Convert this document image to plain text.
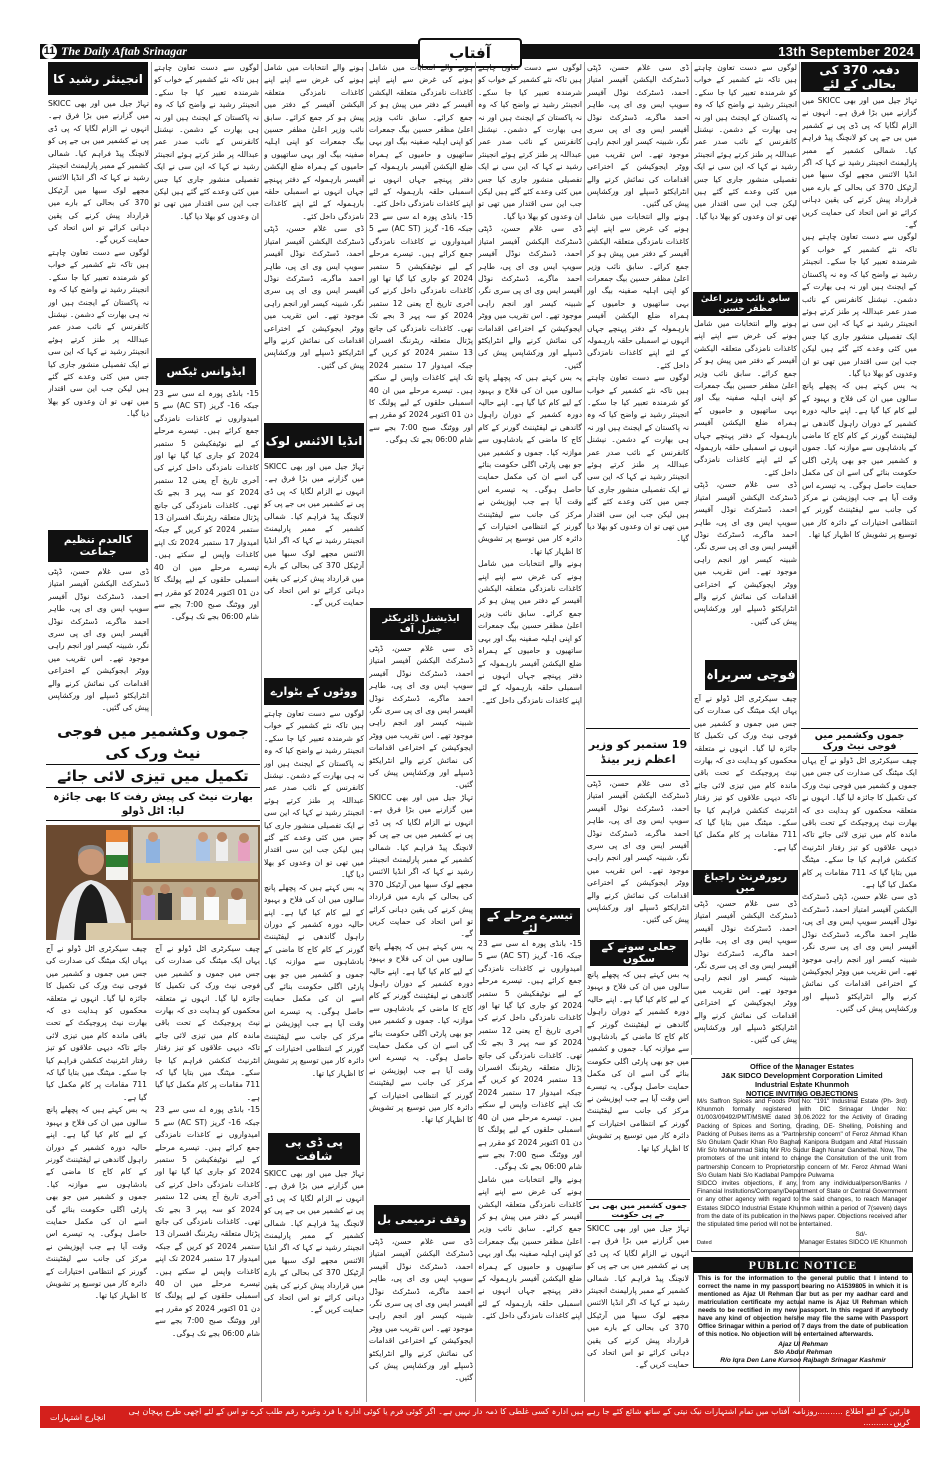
11 The Daily Aftab Srinagar	13th September 2024
آفتاب
دفعہ 370 کی بحالی کے لئے

تہاڑ جیل میں اور بھی SKICC میں گزارنے میں بڑا فرق ہے۔ انہوں نے الزام لگایا کہ پی ڈی پی نے کشمیر میں بی جے پی کو لانچنگ پیڈ فراہم کیا۔ شمالی کشمیر کے ممبر پارلیمنٹ انجینئر رشید نے کہا کہ اگر انڈیا الائنس مجھے لوک سبھا میں آرٹیکل 370 کی بحالی کے بارے میں قرارداد پیش کرنے کی یقین دہانی کرائے تو اس اتحاد کی حمایت کریں گے۔

لوگوں سے دست تعاون چاہتے ہیں تاکہ نئے کشمیر کے خواب کو شرمندہ تعبیر کیا جا سکے۔ انجینئر رشید نے واضح کیا کہ وہ نہ پاکستان کے ایجنٹ ہیں اور نہ ہی بھارت کے دشمن۔ نیشنل کانفرنس کے نائب صدر عمر عبداللہ پر طنز کرتے ہوئے انجینئر رشید نے کہا کہ این سی نے ایک تفصیلی منشور جاری کیا جس میں کئی وعدے کئے گئے ہیں لیکن جب این سی اقتدار میں تھی تو ان وعدوں کو بھلا دیا گیا۔

یہ بس کہتے ہیں کہ پچھلے پانچ سالوں میں ان کی فلاح و بہبود کے لیے کام کیا گیا ہے۔ اپنے حالیہ دورہ کشمیر کے دوران راہول گاندھی نے لیفٹیننٹ گورنر کے کام کاج کا ماضی کے بادشاہوں سے موازنہ کیا۔ جموں و کشمیر میں جو بھی پارٹی اگلی حکومت بنائے گی اسے ان کی مکمل حمایت حاصل ہوگی۔ یہ تیسرے اس وقت آیا ہے جب اپوزیشن نے مرکز کی جانب سے لیفٹیننٹ گورنر کے انتظامی اختیارات کے دائرہ کار میں توسیع پر تشویش کا اظہار کیا تھا۔

جموں وکشمیر میں فوجی نیٹ ورک

چیف سیکرٹری اٹل ڈولو نے آج یہاں ایک میٹنگ کی صدارت کی جس میں جموں و کشمیر میں فوجی نیٹ ورک کی تکمیل کا جائزہ لیا گیا۔ انہوں نے متعلقہ محکموں کو ہدایت دی کہ بھارت نیٹ پروجیکٹ کے تحت باقی ماندہ کام میں تیزی لائی جائے تاکہ دیہی علاقوں کو تیز رفتار انٹرنیٹ کنکشن فراہم کیا جا سکے۔ میٹنگ میں بتایا گیا کہ 711 مقامات پر کام مکمل کیا گیا ہے۔

ڈی سی غلام حسن، ڈپٹی ڈسٹرکٹ الیکشن آفیسر امتیاز احمد، ڈسٹرکٹ نوڈل آفیسر سویپ ایس وی ای پی، طاہر احمد ماگرے، ڈسٹرکٹ نوڈل آفیسر ایس وی ای پی سری نگر، شبینہ کیسر اور انجم راہی موجود تھے۔ اس تقریب میں ووٹر ایجوکیشن کے اختراعی اقدامات کی نمائش کرنے والے انٹرایکٹو ڈسپلے اور ورکشاپس پیش کی گئیں۔

لوگوں سے دست تعاون چاہتے ہیں تاکہ نئے کشمیر کے خواب کو شرمندہ تعبیر کیا جا سکے۔ انجینئر رشید نے واضح کیا کہ وہ نہ پاکستان کے ایجنٹ ہیں اور نہ ہی بھارت کے دشمن۔ نیشنل کانفرنس کے نائب صدر عمر عبداللہ پر طنز کرتے ہوئے انجینئر رشید نے کہا کہ این سی نے ایک تفصیلی منشور جاری کیا جس میں کئی وعدے کئے گئے ہیں لیکن جب این سی اقتدار میں تھی تو ان وعدوں کو بھلا دیا گیا۔

سابق نائب وزیر اعلیٰ مظفر حسین

ہونے والے انتخابات میں شامل ہونے کی غرض سے اپنے اپنے کاغذات نامزدگی متعلقہ الیکشن آفیسر کے دفتر میں پیش ہو کر جمع کرائے۔ سابق نائب وزیر اعلیٰ مظفر حسین بیگ جمعرات کو اپنی اہلیہ صفینہ بیگ اور بہی ساتھیوں و حامیوں کے ہمراہ ضلع الیکشن آفیسر بارہمولہ کے دفتر پہنچے جہاں انہوں نے اسمبلی حلقہ بارہمولہ کے لئے اپنے کاغذات نامزدگی داخل کئے۔

ڈی سی غلام حسن، ڈپٹی ڈسٹرکٹ الیکشن آفیسر امتیاز احمد، ڈسٹرکٹ نوڈل آفیسر سویپ ایس وی ای پی، طاہر احمد ماگرے، ڈسٹرکٹ نوڈل آفیسر ایس وی ای پی سری نگر، شبینہ کیسر اور انجم راہی موجود تھے۔ اس تقریب میں ووٹر ایجوکیشن کے اختراعی اقدامات کی نمائش کرنے والے انٹرایکٹو ڈسپلے اور ورکشاپس پیش کی گئیں۔

فوجی سربراہ

چیف سیکرٹری اٹل ڈولو نے آج یہاں ایک میٹنگ کی صدارت کی جس میں جموں و کشمیر میں فوجی نیٹ ورک کی تکمیل کا جائزہ لیا گیا۔ انہوں نے متعلقہ محکموں کو ہدایت دی کہ بھارت نیٹ پروجیکٹ کے تحت باقی ماندہ کام میں تیزی لائی جائے تاکہ دیہی علاقوں کو تیز رفتار انٹرنیٹ کنکشن فراہم کیا جا سکے۔ میٹنگ میں بتایا گیا کہ 711 مقامات پر کام مکمل کیا گیا ہے۔

ریورفرنٹ راجباغ میں

ڈی سی غلام حسن، ڈپٹی ڈسٹرکٹ الیکشن آفیسر امتیاز احمد، ڈسٹرکٹ نوڈل آفیسر سویپ ایس وی ای پی، طاہر احمد ماگرے، ڈسٹرکٹ نوڈل آفیسر ایس وی ای پی سری نگر، شبینہ کیسر اور انجم راہی موجود تھے۔ اس تقریب میں ووٹر ایجوکیشن کے اختراعی اقدامات کی نمائش کرنے والے انٹرایکٹو ڈسپلے اور ورکشاپس پیش کی گئیں۔

ڈی سی غلام حسن، ڈپٹی ڈسٹرکٹ الیکشن آفیسر امتیاز احمد، ڈسٹرکٹ نوڈل آفیسر سویپ ایس وی ای پی، طاہر احمد ماگرے، ڈسٹرکٹ نوڈل آفیسر ایس وی ای پی سری نگر، شبینہ کیسر اور انجم راہی موجود تھے۔ اس تقریب میں ووٹر ایجوکیشن کے اختراعی اقدامات کی نمائش کرنے والے انٹرایکٹو ڈسپلے اور ورکشاپس پیش کی گئیں۔

ہونے والے انتخابات میں شامل ہونے کی غرض سے اپنے اپنے کاغذات نامزدگی متعلقہ الیکشن آفیسر کے دفتر میں پیش ہو کر جمع کرائے۔ سابق نائب وزیر اعلیٰ مظفر حسین بیگ جمعرات کو اپنی اہلیہ صفینہ بیگ اور بہی ساتھیوں و حامیوں کے ہمراہ ضلع الیکشن آفیسر بارہمولہ کے دفتر پہنچے جہاں انہوں نے اسمبلی حلقہ بارہمولہ کے لئے اپنے کاغذات نامزدگی داخل کئے۔

لوگوں سے دست تعاون چاہتے ہیں تاکہ نئے کشمیر کے خواب کو شرمندہ تعبیر کیا جا سکے۔ انجینئر رشید نے واضح کیا کہ وہ نہ پاکستان کے ایجنٹ ہیں اور نہ ہی بھارت کے دشمن۔ نیشنل کانفرنس کے نائب صدر عمر عبداللہ پر طنز کرتے ہوئے انجینئر رشید نے کہا کہ این سی نے ایک تفصیلی منشور جاری کیا جس میں کئی وعدے کئے گئے ہیں لیکن جب این سی اقتدار میں تھی تو ان وعدوں کو بھلا دیا گیا۔

19 ستمبر کو وزیر اعظم زیر بینڈ

ڈی سی غلام حسن، ڈپٹی ڈسٹرکٹ الیکشن آفیسر امتیاز احمد، ڈسٹرکٹ نوڈل آفیسر سویپ ایس وی ای پی، طاہر احمد ماگرے، ڈسٹرکٹ نوڈل آفیسر ایس وی ای پی سری نگر، شبینہ کیسر اور انجم راہی موجود تھے۔ اس تقریب میں ووٹر ایجوکیشن کے اختراعی اقدامات کی نمائش کرنے والے انٹرایکٹو ڈسپلے اور ورکشاپس پیش کی گئیں۔

جعلی سونے کے سکوں

یہ بس کہتے ہیں کہ پچھلے پانچ سالوں میں ان کی فلاح و بہبود کے لیے کام کیا گیا ہے۔ اپنے حالیہ دورہ کشمیر کے دوران راہول گاندھی نے لیفٹیننٹ گورنر کے کام کاج کا ماضی کے بادشاہوں سے موازنہ کیا۔ جموں و کشمیر میں جو بھی پارٹی اگلی حکومت بنائے گی اسے ان کی مکمل حمایت حاصل ہوگی۔ یہ تیسرے اس وقت آیا ہے جب اپوزیشن نے مرکز کی جانب سے لیفٹیننٹ گورنر کے انتظامی اختیارات کے دائرہ کار میں توسیع پر تشویش کا اظہار کیا تھا۔

جموں کشمیر میں بھی بی جے پی حکومت

تہاڑ جیل میں اور بھی SKICC میں گزارنے میں بڑا فرق ہے۔ انہوں نے الزام لگایا کہ پی ڈی پی نے کشمیر میں بی جے پی کو لانچنگ پیڈ فراہم کیا۔ شمالی کشمیر کے ممبر پارلیمنٹ انجینئر رشید نے کہا کہ اگر انڈیا الائنس مجھے لوک سبھا میں آرٹیکل 370 کی بحالی کے بارے میں قرارداد پیش کرنے کی یقین دہانی کرائے تو اس اتحاد کی حمایت کریں گے۔

لوگوں سے دست تعاون چاہتے ہیں تاکہ نئے کشمیر کے خواب کو شرمندہ تعبیر کیا جا سکے۔ انجینئر رشید نے واضح کیا کہ وہ نہ پاکستان کے ایجنٹ ہیں اور نہ ہی بھارت کے دشمن۔ نیشنل کانفرنس کے نائب صدر عمر عبداللہ پر طنز کرتے ہوئے انجینئر رشید نے کہا کہ این سی نے ایک تفصیلی منشور جاری کیا جس میں کئی وعدے کئے گئے ہیں لیکن جب این سی اقتدار میں تھی تو ان وعدوں کو بھلا دیا گیا۔

ڈی سی غلام حسن، ڈپٹی ڈسٹرکٹ الیکشن آفیسر امتیاز احمد، ڈسٹرکٹ نوڈل آفیسر سویپ ایس وی ای پی، طاہر احمد ماگرے، ڈسٹرکٹ نوڈل آفیسر ایس وی ای پی سری نگر، شبینہ کیسر اور انجم راہی موجود تھے۔ اس تقریب میں ووٹر ایجوکیشن کے اختراعی اقدامات کی نمائش کرنے والے انٹرایکٹو ڈسپلے اور ورکشاپس پیش کی گئیں۔

یہ بس کہتے ہیں کہ پچھلے پانچ سالوں میں ان کی فلاح و بہبود کے لیے کام کیا گیا ہے۔ اپنے حالیہ دورہ کشمیر کے دوران راہول گاندھی نے لیفٹیننٹ گورنر کے کام کاج کا ماضی کے بادشاہوں سے موازنہ کیا۔ جموں و کشمیر میں جو بھی پارٹی اگلی حکومت بنائے گی اسے ان کی مکمل حمایت حاصل ہوگی۔ یہ تیسرے اس وقت آیا ہے جب اپوزیشن نے مرکز کی جانب سے لیفٹیننٹ گورنر کے انتظامی اختیارات کے دائرہ کار میں توسیع پر تشویش کا اظہار کیا تھا۔

ہونے والے انتخابات میں شامل ہونے کی غرض سے اپنے اپنے کاغذات نامزدگی متعلقہ الیکشن آفیسر کے دفتر میں پیش ہو کر جمع کرائے۔ سابق نائب وزیر اعلیٰ مظفر حسین بیگ جمعرات کو اپنی اہلیہ صفینہ بیگ اور بہی ساتھیوں و حامیوں کے ہمراہ ضلع الیکشن آفیسر بارہمولہ کے دفتر پہنچے جہاں انہوں نے اسمبلی حلقہ بارہمولہ کے لئے اپنے کاغذات نامزدگی داخل کئے۔

تیسرے مرحلے کے لئے

15- بانڈی پورہ اے سی سے 23 جبکہ 16- گریز (AC ST) سے 5 امیدواروں نے کاغذات نامزدگی جمع کرائے ہیں۔ تیسرے مرحلے کے لیے نوٹیفکیشن 5 ستمبر 2024 کو جاری کیا گیا تھا اور کاغذات نامزدگی داخل کرنے کی آخری تاریخ آج یعنی 12 ستمبر 2024 کو سہ پہر 3 بجے تک تھی۔ کاغذات نامزدگی کی جانچ پڑتال متعلقہ ریٹرننگ افسران 13 ستمبر 2024 کو کریں گے جبکہ امیدوار 17 ستمبر 2024 تک اپنے کاغذات واپس لے سکتے ہیں۔ تیسرے مرحلے میں ان 40 اسمبلی حلقوں کے لیے پولنگ کا دن 01 اکتوبر 2024 کو مقرر ہے اور ووٹنگ صبح 7:00 بجے سے شام 06:00 بجے تک ہوگی۔

ہونے والے انتخابات میں شامل ہونے کی غرض سے اپنے اپنے کاغذات نامزدگی متعلقہ الیکشن آفیسر کے دفتر میں پیش ہو کر جمع کرائے۔ سابق نائب وزیر اعلیٰ مظفر حسین بیگ جمعرات کو اپنی اہلیہ صفینہ بیگ اور بہی ساتھیوں و حامیوں کے ہمراہ ضلع الیکشن آفیسر بارہمولہ کے دفتر پہنچے جہاں انہوں نے اسمبلی حلقہ بارہمولہ کے لئے اپنے کاغذات نامزدگی داخل کئے۔

ہونے والے انتخابات میں شامل ہونے کی غرض سے اپنے اپنے کاغذات نامزدگی متعلقہ الیکشن آفیسر کے دفتر میں پیش ہو کر جمع کرائے۔ سابق نائب وزیر اعلیٰ مظفر حسین بیگ جمعرات کو اپنی اہلیہ صفینہ بیگ اور بہی ساتھیوں و حامیوں کے ہمراہ ضلع الیکشن آفیسر بارہمولہ کے دفتر پہنچے جہاں انہوں نے اسمبلی حلقہ بارہمولہ کے لئے اپنے کاغذات نامزدگی داخل کئے۔

15- بانڈی پورہ اے سی سے 23 جبکہ 16- گریز (AC ST) سے 5 امیدواروں نے کاغذات نامزدگی جمع کرائے ہیں۔ تیسرے مرحلے کے لیے نوٹیفکیشن 5 ستمبر 2024 کو جاری کیا گیا تھا اور کاغذات نامزدگی داخل کرنے کی آخری تاریخ آج یعنی 12 ستمبر 2024 کو سہ پہر 3 بجے تک تھی۔ کاغذات نامزدگی کی جانچ پڑتال متعلقہ ریٹرننگ افسران 13 ستمبر 2024 کو کریں گے جبکہ امیدوار 17 ستمبر 2024 تک اپنے کاغذات واپس لے سکتے ہیں۔ تیسرے مرحلے میں ان 40 اسمبلی حلقوں کے لیے پولنگ کا دن 01 اکتوبر 2024 کو مقرر ہے اور ووٹنگ صبح 7:00 بجے سے شام 06:00 بجے تک ہوگی۔

ایڈیشنل ڈائریکٹر جنرل آف

ڈی سی غلام حسن، ڈپٹی ڈسٹرکٹ الیکشن آفیسر امتیاز احمد، ڈسٹرکٹ نوڈل آفیسر سویپ ایس وی ای پی، طاہر احمد ماگرے، ڈسٹرکٹ نوڈل آفیسر ایس وی ای پی سری نگر، شبینہ کیسر اور انجم راہی موجود تھے۔ اس تقریب میں ووٹر ایجوکیشن کے اختراعی اقدامات کی نمائش کرنے والے انٹرایکٹو ڈسپلے اور ورکشاپس پیش کی گئیں۔

تہاڑ جیل میں اور بھی SKICC میں گزارنے میں بڑا فرق ہے۔ انہوں نے الزام لگایا کہ پی ڈی پی نے کشمیر میں بی جے پی کو لانچنگ پیڈ فراہم کیا۔ شمالی کشمیر کے ممبر پارلیمنٹ انجینئر رشید نے کہا کہ اگر انڈیا الائنس مجھے لوک سبھا میں آرٹیکل 370 کی بحالی کے بارے میں قرارداد پیش کرنے کی یقین دہانی کرائے تو اس اتحاد کی حمایت کریں گے۔

یہ بس کہتے ہیں کہ پچھلے پانچ سالوں میں ان کی فلاح و بہبود کے لیے کام کیا گیا ہے۔ اپنے حالیہ دورہ کشمیر کے دوران راہول گاندھی نے لیفٹیننٹ گورنر کے کام کاج کا ماضی کے بادشاہوں سے موازنہ کیا۔ جموں و کشمیر میں جو بھی پارٹی اگلی حکومت بنائے گی اسے ان کی مکمل حمایت حاصل ہوگی۔ یہ تیسرے اس وقت آیا ہے جب اپوزیشن نے مرکز کی جانب سے لیفٹیننٹ گورنر کے انتظامی اختیارات کے دائرہ کار میں توسیع پر تشویش کا اظہار کیا تھا۔

وقف ترمیمی بل

ڈی سی غلام حسن، ڈپٹی ڈسٹرکٹ الیکشن آفیسر امتیاز احمد، ڈسٹرکٹ نوڈل آفیسر سویپ ایس وی ای پی، طاہر احمد ماگرے، ڈسٹرکٹ نوڈل آفیسر ایس وی ای پی سری نگر، شبینہ کیسر اور انجم راہی موجود تھے۔ اس تقریب میں ووٹر ایجوکیشن کے اختراعی اقدامات کی نمائش کرنے والے انٹرایکٹو ڈسپلے اور ورکشاپس پیش کی گئیں۔

ہونے والے انتخابات میں شامل ہونے کی غرض سے اپنے اپنے کاغذات نامزدگی متعلقہ الیکشن آفیسر کے دفتر میں پیش ہو کر جمع کرائے۔ سابق نائب وزیر اعلیٰ مظفر حسین بیگ جمعرات کو اپنی اہلیہ صفینہ بیگ اور بہی ساتھیوں و حامیوں کے ہمراہ ضلع الیکشن آفیسر بارہمولہ کے دفتر پہنچے جہاں انہوں نے اسمبلی حلقہ بارہمولہ کے لئے اپنے کاغذات نامزدگی داخل کئے۔

ڈی سی غلام حسن، ڈپٹی ڈسٹرکٹ الیکشن آفیسر امتیاز احمد، ڈسٹرکٹ نوڈل آفیسر سویپ ایس وی ای پی، طاہر احمد ماگرے، ڈسٹرکٹ نوڈل آفیسر ایس وی ای پی سری نگر، شبینہ کیسر اور انجم راہی موجود تھے۔ اس تقریب میں ووٹر ایجوکیشن کے اختراعی اقدامات کی نمائش کرنے والے انٹرایکٹو ڈسپلے اور ورکشاپس پیش کی گئیں۔

انڈیا الائنس لوک

تہاڑ جیل میں اور بھی SKICC میں گزارنے میں بڑا فرق ہے۔ انہوں نے الزام لگایا کہ پی ڈی پی نے کشمیر میں بی جے پی کو لانچنگ پیڈ فراہم کیا۔ شمالی کشمیر کے ممبر پارلیمنٹ انجینئر رشید نے کہا کہ اگر انڈیا الائنس مجھے لوک سبھا میں آرٹیکل 370 کی بحالی کے بارے میں قرارداد پیش کرنے کی یقین دہانی کرائے تو اس اتحاد کی حمایت کریں گے۔

ووٹوں کے بٹوارے

لوگوں سے دست تعاون چاہتے ہیں تاکہ نئے کشمیر کے خواب کو شرمندہ تعبیر کیا جا سکے۔ انجینئر رشید نے واضح کیا کہ وہ نہ پاکستان کے ایجنٹ ہیں اور نہ ہی بھارت کے دشمن۔ نیشنل کانفرنس کے نائب صدر عمر عبداللہ پر طنز کرتے ہوئے انجینئر رشید نے کہا کہ این سی نے ایک تفصیلی منشور جاری کیا جس میں کئی وعدے کئے گئے ہیں لیکن جب این سی اقتدار میں تھی تو ان وعدوں کو بھلا دیا گیا۔

یہ بس کہتے ہیں کہ پچھلے پانچ سالوں میں ان کی فلاح و بہبود کے لیے کام کیا گیا ہے۔ اپنے حالیہ دورہ کشمیر کے دوران راہول گاندھی نے لیفٹیننٹ گورنر کے کام کاج کا ماضی کے بادشاہوں سے موازنہ کیا۔ جموں و کشمیر میں جو بھی پارٹی اگلی حکومت بنائے گی اسے ان کی مکمل حمایت حاصل ہوگی۔ یہ تیسرے اس وقت آیا ہے جب اپوزیشن نے مرکز کی جانب سے لیفٹیننٹ گورنر کے انتظامی اختیارات کے دائرہ کار میں توسیع پر تشویش کا اظہار کیا تھا۔

پی ڈی پی شافت

تہاڑ جیل میں اور بھی SKICC میں گزارنے میں بڑا فرق ہے۔ انہوں نے الزام لگایا کہ پی ڈی پی نے کشمیر میں بی جے پی کو لانچنگ پیڈ فراہم کیا۔ شمالی کشمیر کے ممبر پارلیمنٹ انجینئر رشید نے کہا کہ اگر انڈیا الائنس مجھے لوک سبھا میں آرٹیکل 370 کی بحالی کے بارے میں قرارداد پیش کرنے کی یقین دہانی کرائے تو اس اتحاد کی حمایت کریں گے۔

لوگوں سے دست تعاون چاہتے ہیں تاکہ نئے کشمیر کے خواب کو شرمندہ تعبیر کیا جا سکے۔ انجینئر رشید نے واضح کیا کہ وہ نہ پاکستان کے ایجنٹ ہیں اور نہ ہی بھارت کے دشمن۔ نیشنل کانفرنس کے نائب صدر عمر عبداللہ پر طنز کرتے ہوئے انجینئر رشید نے کہا کہ این سی نے ایک تفصیلی منشور جاری کیا جس میں کئی وعدے کئے گئے ہیں لیکن جب این سی اقتدار میں تھی تو ان وعدوں کو بھلا دیا گیا۔

ایڈوانس ٹیکس

15- بانڈی پورہ اے سی سے 23 جبکہ 16- گریز (AC ST) سے 5 امیدواروں نے کاغذات نامزدگی جمع کرائے ہیں۔ تیسرے مرحلے کے لیے نوٹیفکیشن 5 ستمبر 2024 کو جاری کیا گیا تھا اور کاغذات نامزدگی داخل کرنے کی آخری تاریخ آج یعنی 12 ستمبر 2024 کو سہ پہر 3 بجے تک تھی۔ کاغذات نامزدگی کی جانچ پڑتال متعلقہ ریٹرننگ افسران 13 ستمبر 2024 کو کریں گے جبکہ امیدوار 17 ستمبر 2024 تک اپنے کاغذات واپس لے سکتے ہیں۔ تیسرے مرحلے میں ان 40 اسمبلی حلقوں کے لیے پولنگ کا دن 01 اکتوبر 2024 کو مقرر ہے اور ووٹنگ صبح 7:00 بجے سے شام 06:00 بجے تک ہوگی۔

انجینئر رشید کا

تہاڑ جیل میں اور بھی SKICC میں گزارنے میں بڑا فرق ہے۔ انہوں نے الزام لگایا کہ پی ڈی پی نے کشمیر میں بی جے پی کو لانچنگ پیڈ فراہم کیا۔ شمالی کشمیر کے ممبر پارلیمنٹ انجینئر رشید نے کہا کہ اگر انڈیا الائنس مجھے لوک سبھا میں آرٹیکل 370 کی بحالی کے بارے میں قرارداد پیش کرنے کی یقین دہانی کرائے تو اس اتحاد کی حمایت کریں گے۔

لوگوں سے دست تعاون چاہتے ہیں تاکہ نئے کشمیر کے خواب کو شرمندہ تعبیر کیا جا سکے۔ انجینئر رشید نے واضح کیا کہ وہ نہ پاکستان کے ایجنٹ ہیں اور نہ ہی بھارت کے دشمن۔ نیشنل کانفرنس کے نائب صدر عمر عبداللہ پر طنز کرتے ہوئے انجینئر رشید نے کہا کہ این سی نے ایک تفصیلی منشور جاری کیا جس میں کئی وعدے کئے گئے ہیں لیکن جب این سی اقتدار میں تھی تو ان وعدوں کو بھلا دیا گیا۔

کالعدم تنظیم جماعت

ڈی سی غلام حسن، ڈپٹی ڈسٹرکٹ الیکشن آفیسر امتیاز احمد، ڈسٹرکٹ نوڈل آفیسر سویپ ایس وی ای پی، طاہر احمد ماگرے، ڈسٹرکٹ نوڈل آفیسر ایس وی ای پی سری نگر، شبینہ کیسر اور انجم راہی موجود تھے۔ اس تقریب میں ووٹر ایجوکیشن کے اختراعی اقدامات کی نمائش کرنے والے انٹرایکٹو ڈسپلے اور ورکشاپس پیش کی گئیں۔

جموں وکشمیر میں فوجی نیٹ ورک کی
تکمیل میں تیزی لائی جائے
بھارت نیٹ کی پیش رفت کا بھی جائزہ لیا: اٹل ڈولو

چیف سیکرٹری اٹل ڈولو نے آج یہاں ایک میٹنگ کی صدارت کی جس میں جموں و کشمیر میں فوجی نیٹ ورک کی تکمیل کا جائزہ لیا گیا۔ انہوں نے متعلقہ محکموں کو ہدایت دی کہ بھارت نیٹ پروجیکٹ کے تحت باقی ماندہ کام میں تیزی لائی جائے تاکہ دیہی علاقوں کو تیز رفتار انٹرنیٹ کنکشن فراہم کیا جا سکے۔ میٹنگ میں بتایا گیا کہ 711 مقامات پر کام مکمل کیا گیا ہے۔

15- بانڈی پورہ اے سی سے 23 جبکہ 16- گریز (AC ST) سے 5 امیدواروں نے کاغذات نامزدگی جمع کرائے ہیں۔ تیسرے مرحلے کے لیے نوٹیفکیشن 5 ستمبر 2024 کو جاری کیا گیا تھا اور کاغذات نامزدگی داخل کرنے کی آخری تاریخ آج یعنی 12 ستمبر 2024 کو سہ پہر 3 بجے تک تھی۔ کاغذات نامزدگی کی جانچ پڑتال متعلقہ ریٹرننگ افسران 13 ستمبر 2024 کو کریں گے جبکہ امیدوار 17 ستمبر 2024 تک اپنے کاغذات واپس لے سکتے ہیں۔ تیسرے مرحلے میں ان 40 اسمبلی حلقوں کے لیے پولنگ کا دن 01 اکتوبر 2024 کو مقرر ہے اور ووٹنگ صبح 7:00 بجے سے شام 06:00 بجے تک ہوگی۔

چیف سیکرٹری اٹل ڈولو نے آج یہاں ایک میٹنگ کی صدارت کی جس میں جموں و کشمیر میں فوجی نیٹ ورک کی تکمیل کا جائزہ لیا گیا۔ انہوں نے متعلقہ محکموں کو ہدایت دی کہ بھارت نیٹ پروجیکٹ کے تحت باقی ماندہ کام میں تیزی لائی جائے تاکہ دیہی علاقوں کو تیز رفتار انٹرنیٹ کنکشن فراہم کیا جا سکے۔ میٹنگ میں بتایا گیا کہ 711 مقامات پر کام مکمل کیا گیا ہے۔

یہ بس کہتے ہیں کہ پچھلے پانچ سالوں میں ان کی فلاح و بہبود کے لیے کام کیا گیا ہے۔ اپنے حالیہ دورہ کشمیر کے دوران راہول گاندھی نے لیفٹیننٹ گورنر کے کام کاج کا ماضی کے بادشاہوں سے موازنہ کیا۔ جموں و کشمیر میں جو بھی پارٹی اگلی حکومت بنائے گی اسے ان کی مکمل حمایت حاصل ہوگی۔ یہ تیسرے اس وقت آیا ہے جب اپوزیشن نے مرکز کی جانب سے لیفٹیننٹ گورنر کے انتظامی اختیارات کے دائرہ کار میں توسیع پر تشویش کا اظہار کیا تھا۔

Office of the Manager Estates
J&K SIDCO Development Corporation Limited
Industrial Estate Khunmoh
NOTICE INVITING OBJECTIONS
M/s Saffron Spices and Foods Plot No: "191" Industrial Estate (Ph- 3rd) Khunmoh formally registered with DIC Srinagar Under No: 01/003/09492/PMT/MSME dated 30.06.2022 for the Activity of Grading Packing of Spices and Sorting, Grading, DE- Shelling, Polishing and Packing of Pulses items as a "Partnership concern" of Feroz Ahmad Khan S/o Ghulam Qadir Khan R/o Baghati Kanipora Budgam and Altaf Hussain Mir S/o Mohammad Sidiq Mir R/o Sudur Bagh Nunar Ganderbal. Now, The promoters of the unit intend to change the Consitution of the unit from partnership Concern to Proprietorship concern of Mr. Feroz Ahmad Wani S/o Gulam Nabi S/o Kadlabal Pampore Pulwama
SIDCO invites objections, if any, from any individual/person/Banks / Financial Institutions/Company/Department of State or Central Government or any other agency with regard to the said changes, to reach Manager Estates SIDCO Industrial Estate Khunmoh within a period of 7(seven) days from the date of its publication in the News paper. Objections received after the stipulated time period will not be entertained.
Sd/-
Dated	Manager Estates SIDCO I/E Khunmoh
PUBLIC NOTICE
This is for the information to the general public that I intend to correct the name in my passport bearing no A1539805 in which it is mentioned as Ajaz Ul Rehman Dar but as per my aadhar card and matriculation certificate my actual name is Ajaz Ul Rehman which needs to be rectified in my new passport. In this regard if anybody have any kind of objection he/she may file the same with Passport Office Srinagar within a period of 7 days from the date of publication of this notice. No objection will be entertained afterwards.
Ajaz Ul Rehman
S/o Abdul Rehman
R/o Iqra Den Lane Kursoo Rajbagh Srinagar Kashmir
قارئین کے لئے اطلاع ..........روزنامہ آفتاب میں تمام اشتہارات نیک نیتی کے ساتھ شائع کئے جا رہے ہیں ادارہ کسی غلطی کا ذمہ دار نہیں ہے۔ اگر کوئی فرم یا کوئی ادارہ یا فرد وغیرہ رقم طلب کرے تو اس کے لئے اچھی طرح پہچان ہی کریں۔..........
انچارج اشتہارات
